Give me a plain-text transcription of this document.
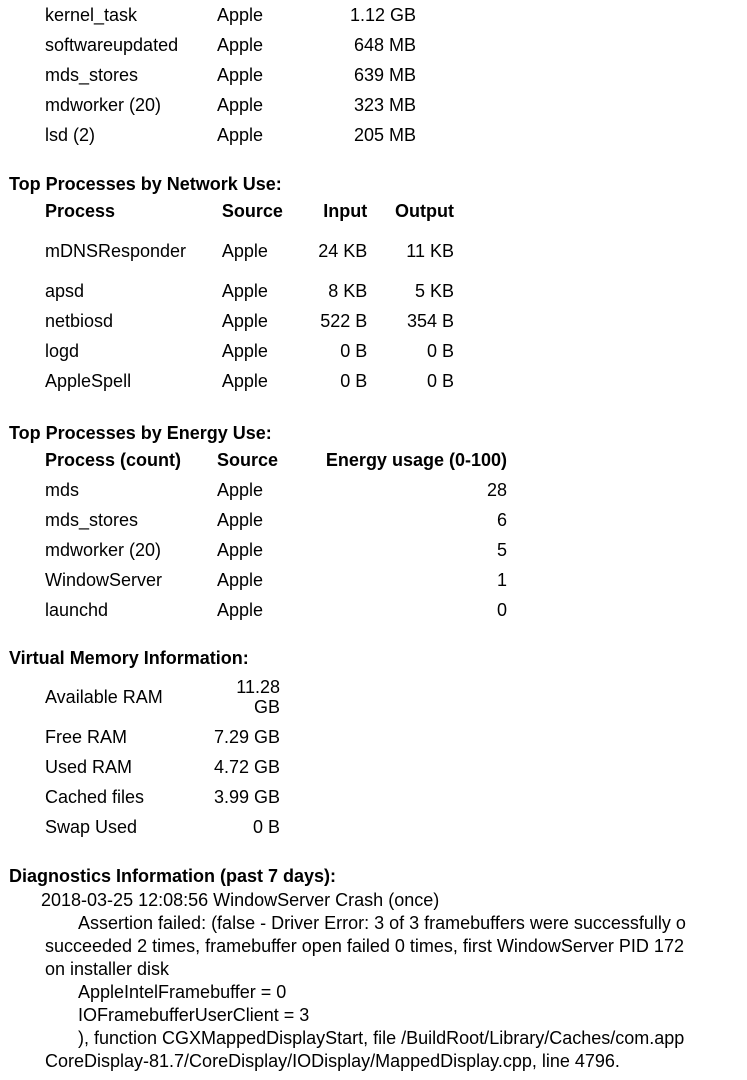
kernel_task	Apple	1.12 GB
softwareupdated	Apple	648 MB
mds_stores	Apple	639 MB
mdworker (20)	Apple	323 MB
lsd (2)	Apple	205 MB
Top Processes by Network Use:
Process	Source	Input	Output

mDNSResponder	Apple	24 KB	11 KB
apsd	Apple	8 KB	5 KB
netbiosd	Apple	522 B	354 B
logd	Apple	0 B	0 B
AppleSpell	Apple	0 B	0 B
Top Processes by Energy Use:
Process (count)	Source	Energy usage (0-100)
mds	Apple	28
mds_stores	Apple	6
mdworker (20)	Apple	5
WindowServer	Apple	1
launchd	Apple	0
Virtual Memory Information:
Available RAM	11.28 GB
Free RAM	7.29 GB
Used RAM	4.72 GB
Cached files	3.99 GB
Swap Used	0 B
Diagnostics Information (past 7 days):
2018-03-25 12:08:56 WindowServer Crash (once)
Assertion failed: (false - Driver Error: 3 of 3 framebuffers were successfully o
succeeded 2 times, framebuffer open failed 0 times, first WindowServer PID 172
on installer disk
AppleIntelFramebuffer = 0
IOFramebufferUserClient = 3
), function CGXMappedDisplayStart, file /BuildRoot/Library/Caches/com.app
CoreDisplay-81.7/CoreDisplay/IODisplay/MappedDisplay.cpp, line 4796.
